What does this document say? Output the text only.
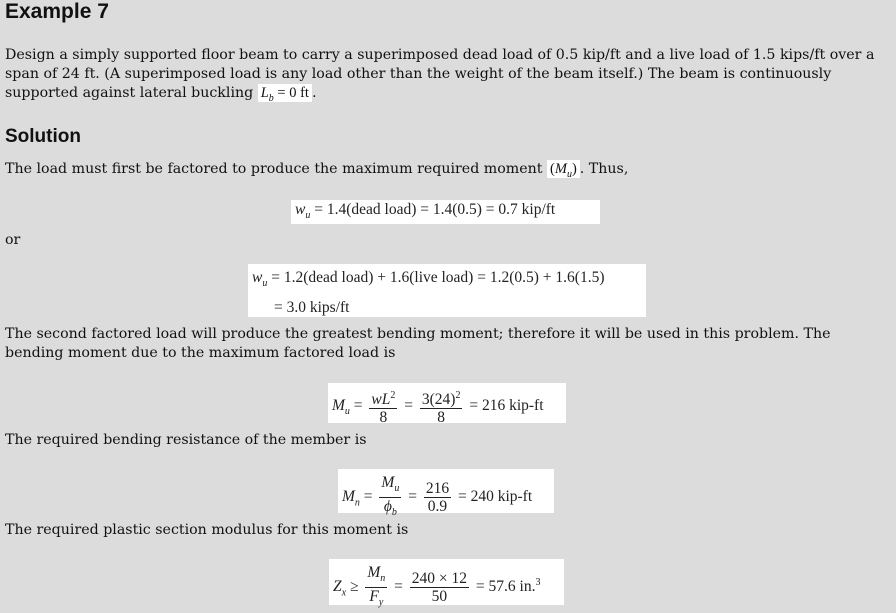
Example 7

Design a simply supported floor beam to carry a superimposed dead load of 0.5 kip/ft and a live load of 1.5 kips/ft over a span of 24 ft. (A superimposed load is any load other than the weight of the beam itself.) The beam is continuously supported against lateral buckling $L_b = 0$ ft .

Solution

The load must first be factored to produce the maximum required moment $(M_u)$ . Thus,

$w_u$ = 1.4(dead load) = 1.4(0.5) = 0.7 kip/ft

or

$w_u$ = 1.2(dead load) + 1.6(live load) = 1.2(0.5) + 1.6(1.5)
= 3.0 kips/ft

The second factored load will produce the greatest bending moment; therefore it will be used in this problem. The bending moment due to the maximum factored load is

$M_u = \frac{wL^2}{8} = \frac{3(24)^2}{8} = 216$ kip-ft

The required bending resistance of the member is

$M_n = \frac{M_u}{\phi_b} = \frac{216}{0.9} = 240$ kip-ft

The required plastic section modulus for this moment is

$Z_x \ge \frac{M_n}{F_y} = \frac{240 \times 12}{50} = 57.6$ in.$^3$
